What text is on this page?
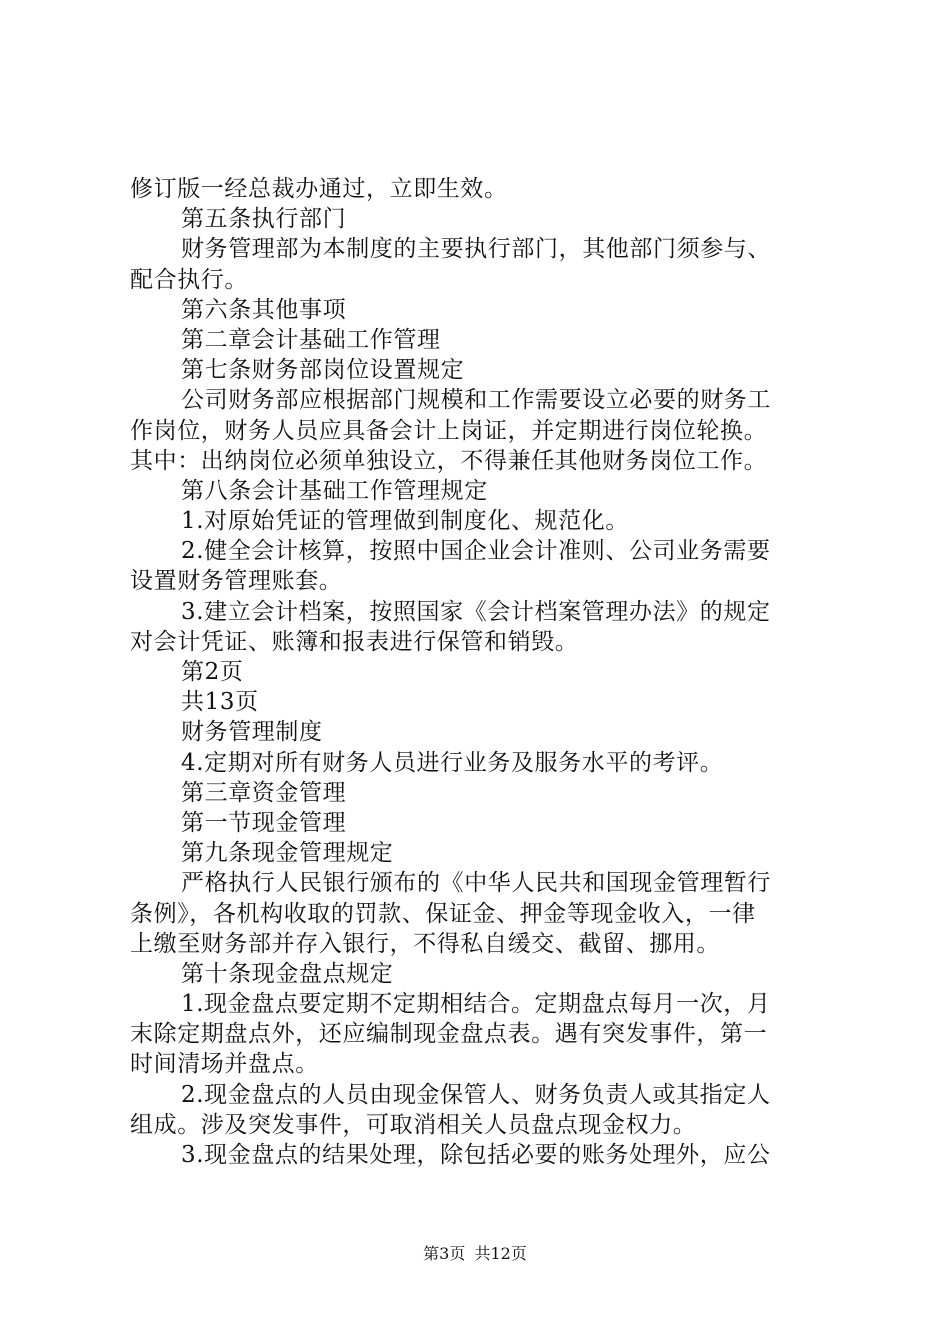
修订版一经总裁办通过，立即生效。
第五条执行部门
财务管理部为本制度的主要执行部门，其他部门须参与、
配合执行。
第六条其他事项
第二章会计基础工作管理
第七条财务部岗位设置规定
公司财务部应根据部门规模和工作需要设立必要的财务工
作岗位，财务人员应具备会计上岗证，并定期进行岗位轮换。
其中：出纳岗位必须单独设立，不得兼任其他财务岗位工作。
第八条会计基础工作管理规定
1.对原始凭证的管理做到制度化、规范化。
2.健全会计核算，按照中国企业会计准则、公司业务需要
设置财务管理账套。
3.建立会计档案，按照国家《会计档案管理办法》的规定
对会计凭证、账簿和报表进行保管和销毁。
第2页
共13页
财务管理制度
4.定期对所有财务人员进行业务及服务水平的考评。
第三章资金管理
第一节现金管理
第九条现金管理规定
严格执行人民银行颁布的《中华人民共和国现金管理暂行
条例》，各机构收取的罚款、保证金、押金等现金收入，一律
上缴至财务部并存入银行，不得私自缓交、截留、挪用。
第十条现金盘点规定
1.现金盘点要定期不定期相结合。定期盘点每月一次，月
末除定期盘点外，还应编制现金盘点表。遇有突发事件，第一
时间清场并盘点。
2.现金盘点的人员由现金保管人、财务负责人或其指定人
组成。涉及突发事件，可取消相关人员盘点现金权力。
3.现金盘点的结果处理，除包括必要的账务处理外，应公
第3页 共12页
